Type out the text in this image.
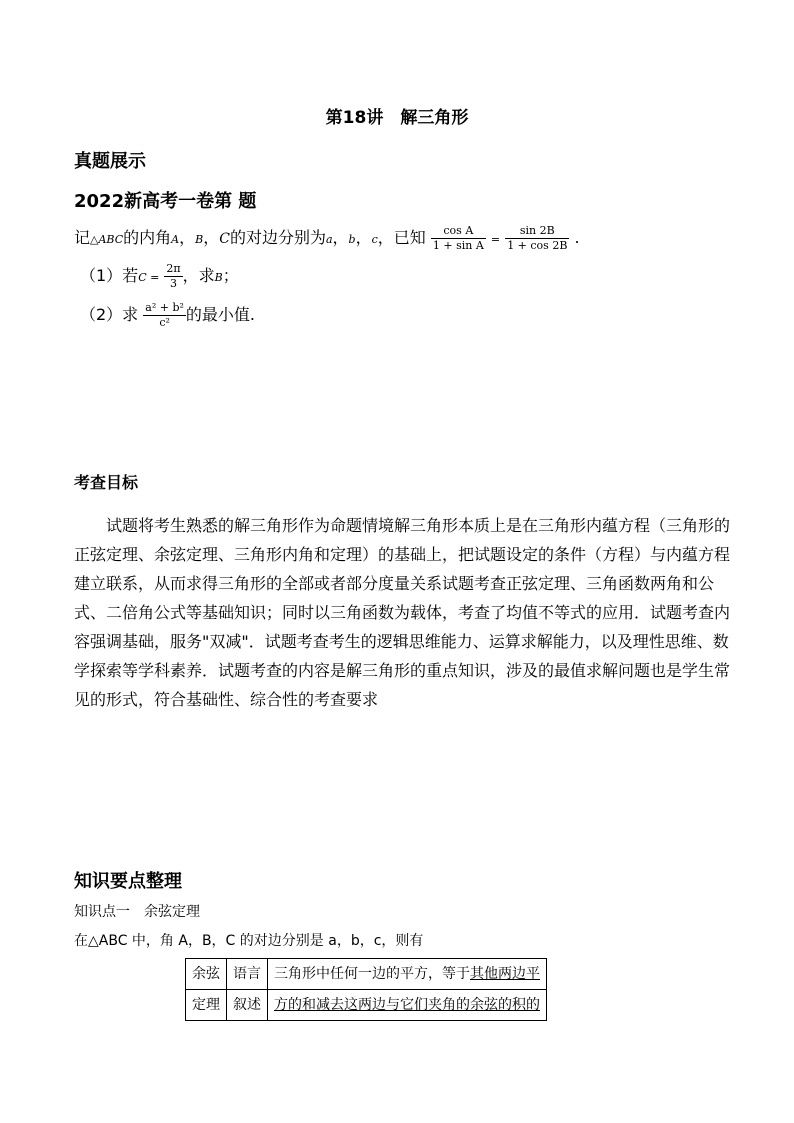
第18讲　解三角形
真题展示
2022新高考一卷第 题
记△ABC的内角A，B，C的对边分别为a，b，c，已知 $\frac{\text{cos A}}{\text{1 + sin A}} = \frac{\sin 2B}{1 + \cos 2B}$ .
（1）若$C = \frac{2\pi}{3}$ ，求B；
（2）求 $\frac{\text{a² + b²}}{\text{c²}}$ 的最小值.
考查目标
　　试题将考生熟悉的解三角形作为命题情境解三角形本质上是在三角形内蕴方程（三角形的正弦定理、余弦定理、三角形内角和定理）的基础上，把试题设定的条件（方程）与内蕴方程建立联系，从而求得三角形的全部或者部分度量关系试题考查正弦定理、三角函数两角和公式、二倍角公式等基础知识；同时以三角函数为载体，考查了均值不等式的应用．试题考查内容强调基础，服务"双减"．试题考查考生的逻辑思维能力、运算求解能力，以及理性思维、数学探索等学科素养．试题考查的内容是解三角形的重点知识，涉及的最值求解问题也是学生常见的形式，符合基础性、综合性的考查要求
知识要点整理
知识点一　余弦定理
在△ABC 中，角 A，B，C 的对边分别是 a，b，c，则有
余弦	语言	三角形中任何一边的平方，等于其他两边平
定理	叙述	方的和减去这两边与它们夹角的余弦的积的
